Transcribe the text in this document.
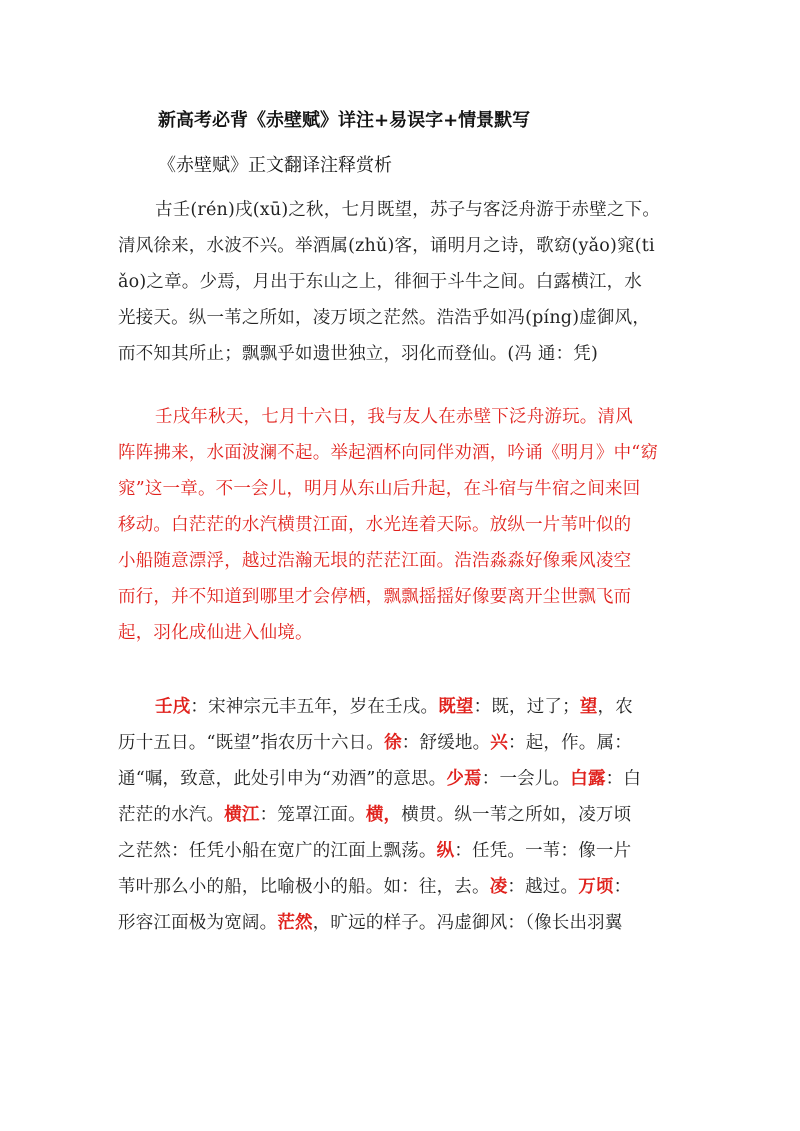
新高考必背《赤壁赋》详注+易误字+情景默写
《赤壁赋》正文翻译注释赏析
古壬(rén)戌(xū)之秋，七月既望，苏子与客泛舟游于赤壁之下。
清风徐来，水波不兴。举酒属(zhǔ)客，诵明月之诗，歌窈(yǎo)窕(ti
ǎo)之章。少焉，月出于东山之上，徘徊于斗牛之间。白露横江，水
光接天。纵一苇之所如，凌万顷之茫然。浩浩乎如冯(píng)虚御风，
而不知其所止；飘飘乎如遗世独立，羽化而登仙。(冯 通：凭)
壬戌年秋天，七月十六日，我与友人在赤壁下泛舟游玩。清风
阵阵拂来，水面波澜不起。举起酒杯向同伴劝酒，吟诵《明月》中“窈
窕”这一章。不一会儿，明月从东山后升起，在斗宿与牛宿之间来回
移动。白茫茫的水汽横贯江面，水光连着天际。放纵一片苇叶似的
小船随意漂浮，越过浩瀚无垠的茫茫江面。浩浩淼淼好像乘风凌空
而行，并不知道到哪里才会停栖，飘飘摇摇好像要离开尘世飘飞而
起，羽化成仙进入仙境。
壬戌：宋神宗元丰五年，岁在壬戌。既望：既，过了；望，农
历十五日。“既望”指农历十六日。徐：舒缓地。兴：起，作。属：
通“嘱，致意，此处引申为“劝酒”的意思。少焉：一会儿。白露：白
茫茫的水汽。横江：笼罩江面。横，横贯。纵一苇之所如，凌万顷
之茫然：任凭小船在宽广的江面上飘荡。纵：任凭。一苇：像一片
苇叶那么小的船，比喻极小的船。如：往，去。凌：越过。万顷：
形容江面极为宽阔。茫然，旷远的样子。冯虚御风：（像长出羽翼
